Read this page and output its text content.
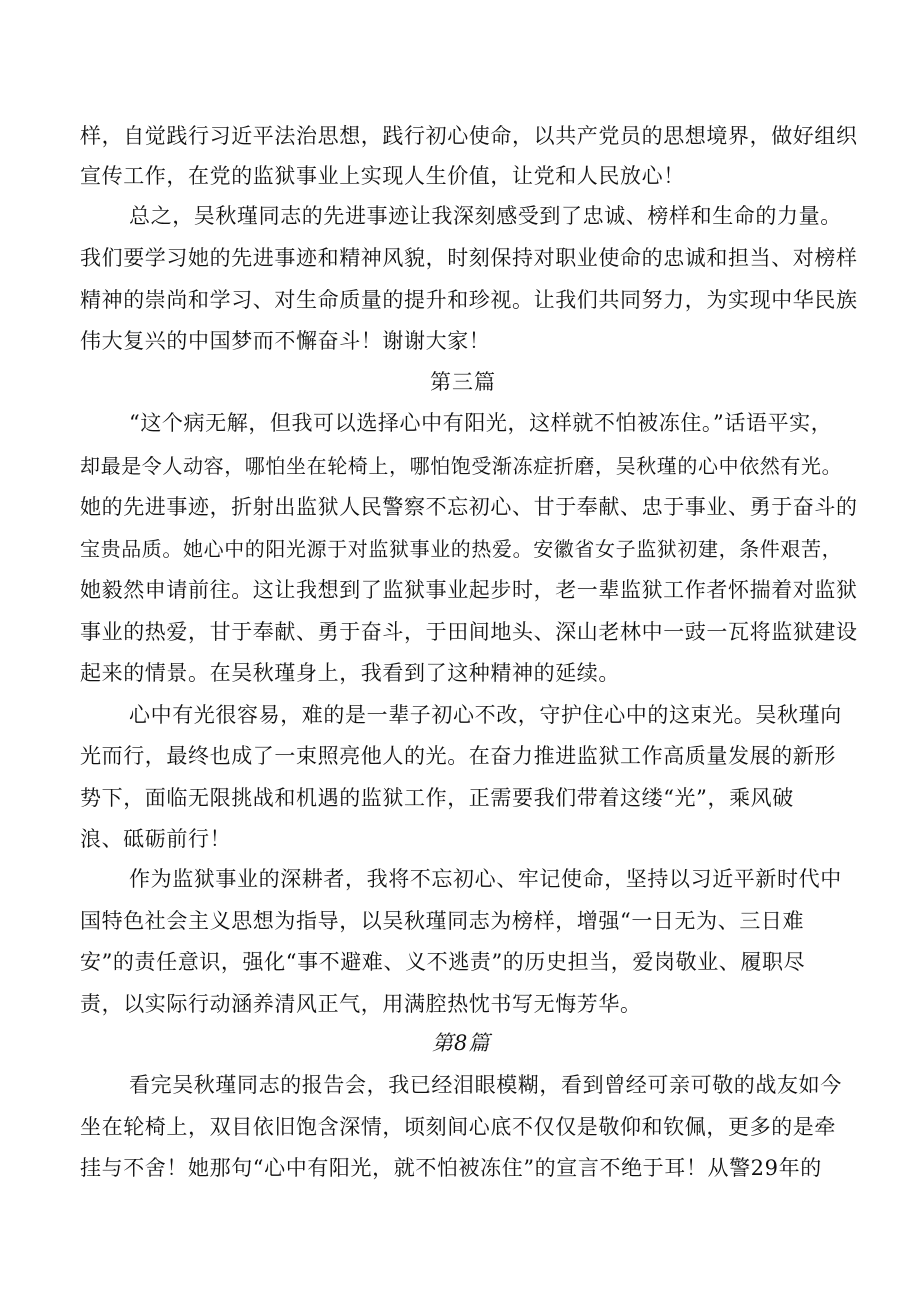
样，自觉践行习近平法治思想，践行初心使命，以共产党员的思想境界，做好组织
宣传工作，在党的监狱事业上实现人生价值，让党和人民放心！
总之，吴秋瑾同志的先进事迹让我深刻感受到了忠诚、榜样和生命的力量。
我们要学习她的先进事迹和精神风貌，时刻保持对职业使命的忠诚和担当、对榜样
精神的崇尚和学习、对生命质量的提升和珍视。让我们共同努力，为实现中华民族
伟大复兴的中国梦而不懈奋斗！谢谢大家！
第三篇
“这个病无解，但我可以选择心中有阳光，这样就不怕被冻住。”话语平实，
却最是令人动容，哪怕坐在轮椅上，哪怕饱受渐冻症折磨，吴秋瑾的心中依然有光。
她的先进事迹，折射出监狱人民警察不忘初心、甘于奉献、忠于事业、勇于奋斗的
宝贵品质。她心中的阳光源于对监狱事业的热爱。安徽省女子监狱初建，条件艰苦，
她毅然申请前往。这让我想到了监狱事业起步时，老一辈监狱工作者怀揣着对监狱
事业的热爱，甘于奉献、勇于奋斗，于田间地头、深山老林中一豉一瓦将监狱建设
起来的情景。在吴秋瑾身上，我看到了这种精神的延续。
心中有光很容易，难的是一辈子初心不改，守护住心中的这束光。吴秋瑾向
光而行，最终也成了一束照亮他人的光。在奋力推进监狱工作高质量发展的新形
势下，面临无限挑战和机遇的监狱工作，正需要我们带着这缕“光”，乘风破
浪、砥砺前行！
作为监狱事业的深耕者，我将不忘初心、牢记使命，坚持以习近平新时代中
国特色社会主义思想为指导，以吴秋瑾同志为榜样，增强“一日无为、三日难
安”的责任意识，强化“事不避难、义不逃责”的历史担当，爱岗敬业、履职尽
责，以实际行动涵养清风正气，用满腔热忱书写无悔芳华。
第8篇
看完吴秋瑾同志的报告会，我已经泪眼模糊，看到曾经可亲可敬的战友如今
坐在轮椅上，双目依旧饱含深情，顷刻间心底不仅仅是敬仰和钦佩，更多的是牵
挂与不舍！她那句“心中有阳光，就不怕被冻住”的宣言不绝于耳！从警29年的
